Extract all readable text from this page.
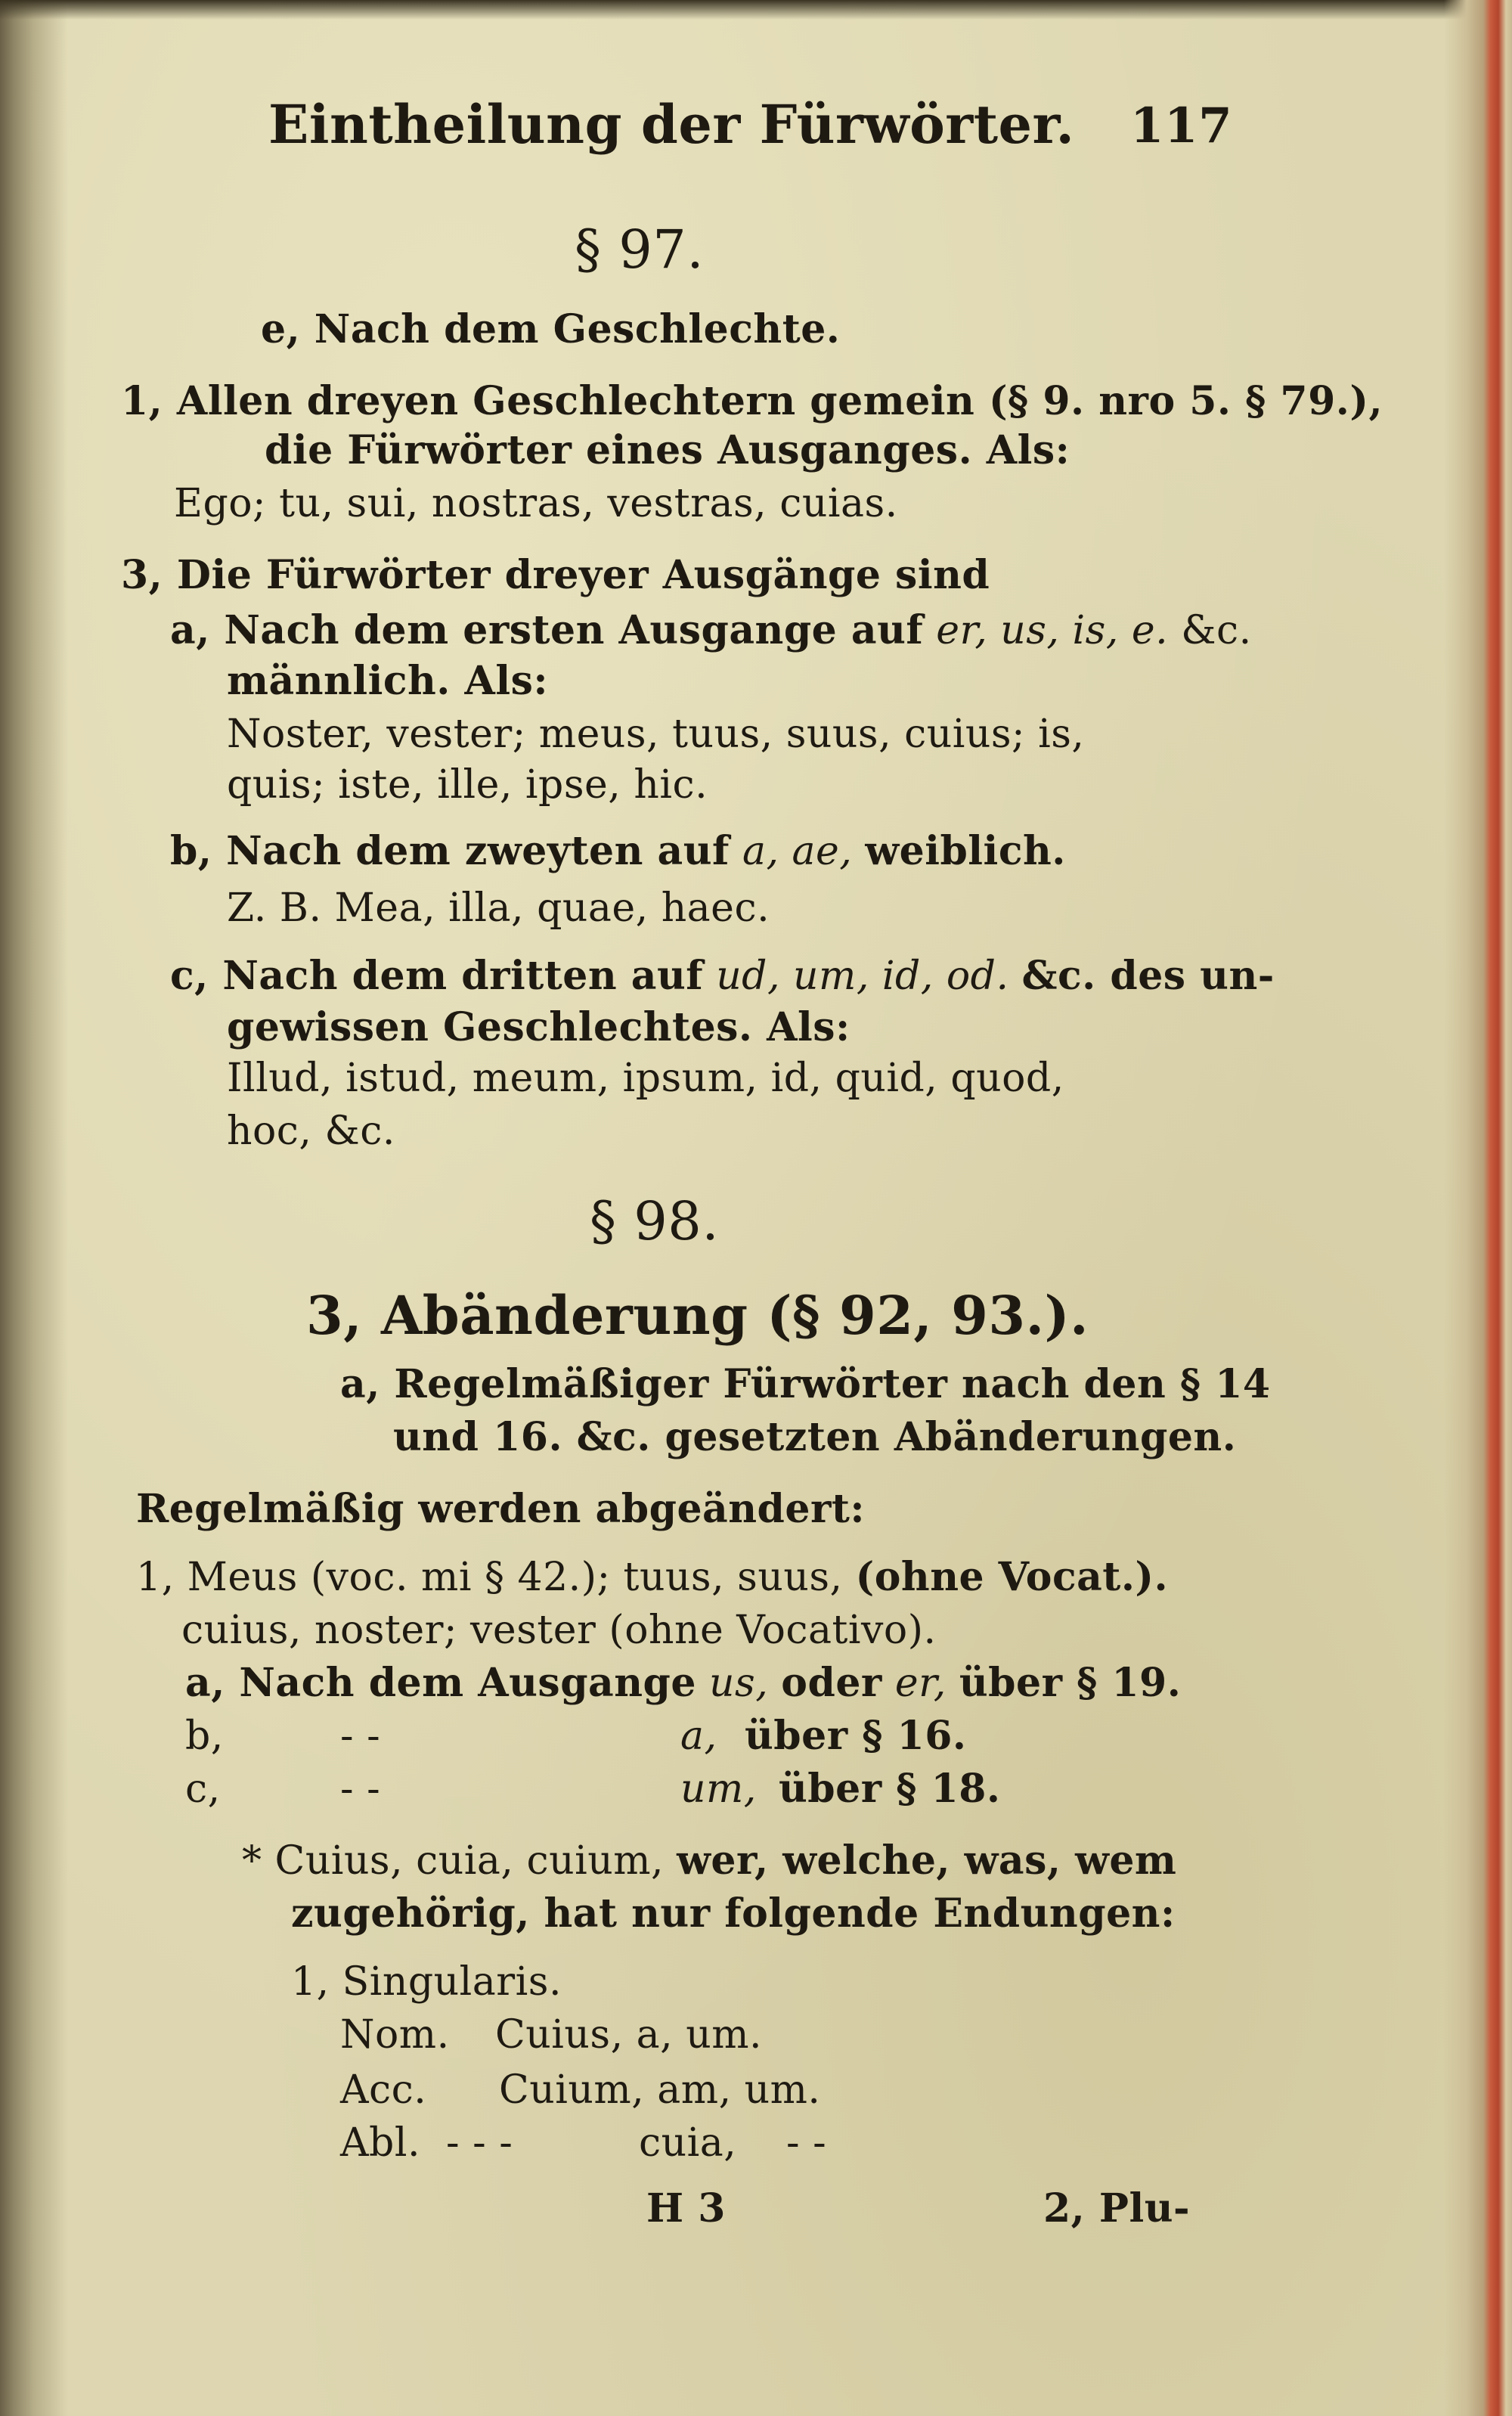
Eintheilung der Fürwörter. 117
§ 97.
e, Nach dem Geschlechte.
1, Allen dreyen Geschlechtern gemein (§ 9. nro 5. § 79.),
die Fürwörter eines Ausganges. Als:
Ego; tu, sui, nostras, vestras, cuias.
3, Die Fürwörter dreyer Ausgänge sind
a, Nach dem ersten Ausgange auf er, us, is, e. &c.
männlich. Als:
Noster, vester; meus, tuus, suus, cuius; is,
quis; iste, ille, ipse, hic.
b, Nach dem zweyten auf a, ae, weiblich.
Z. B. Mea, illa, quae, haec.
c, Nach dem dritten auf ud, um, id, od. &c. des un-
gewissen Geschlechtes. Als:
Illud, istud, meum, ipsum, id, quid, quod,
hoc, &c.
§ 98.
3, Abänderung (§ 92, 93.).
a, Regelmäßiger Fürwörter nach den § 14
und 16. &c. gesetzten Abänderungen.
Regelmäßig werden abgeändert:
1, Meus (voc. mi § 42.); tuus, suus, (ohne Vocat.).
cuius, noster; vester (ohne Vocativo).
a, Nach dem Ausgange us, oder er, über § 19.
b,	- -	a, über § 16.
c,	- -	um, über § 18.
* Cuius, cuia, cuium, wer, welche, was, wem
zugehörig, hat nur folgende Endungen:
1, Singularis.
Nom. Cuius, a, um.
Acc. Cuium, am, um.
Abl. - - -	cuia, - -
H 3	2, Plu-
